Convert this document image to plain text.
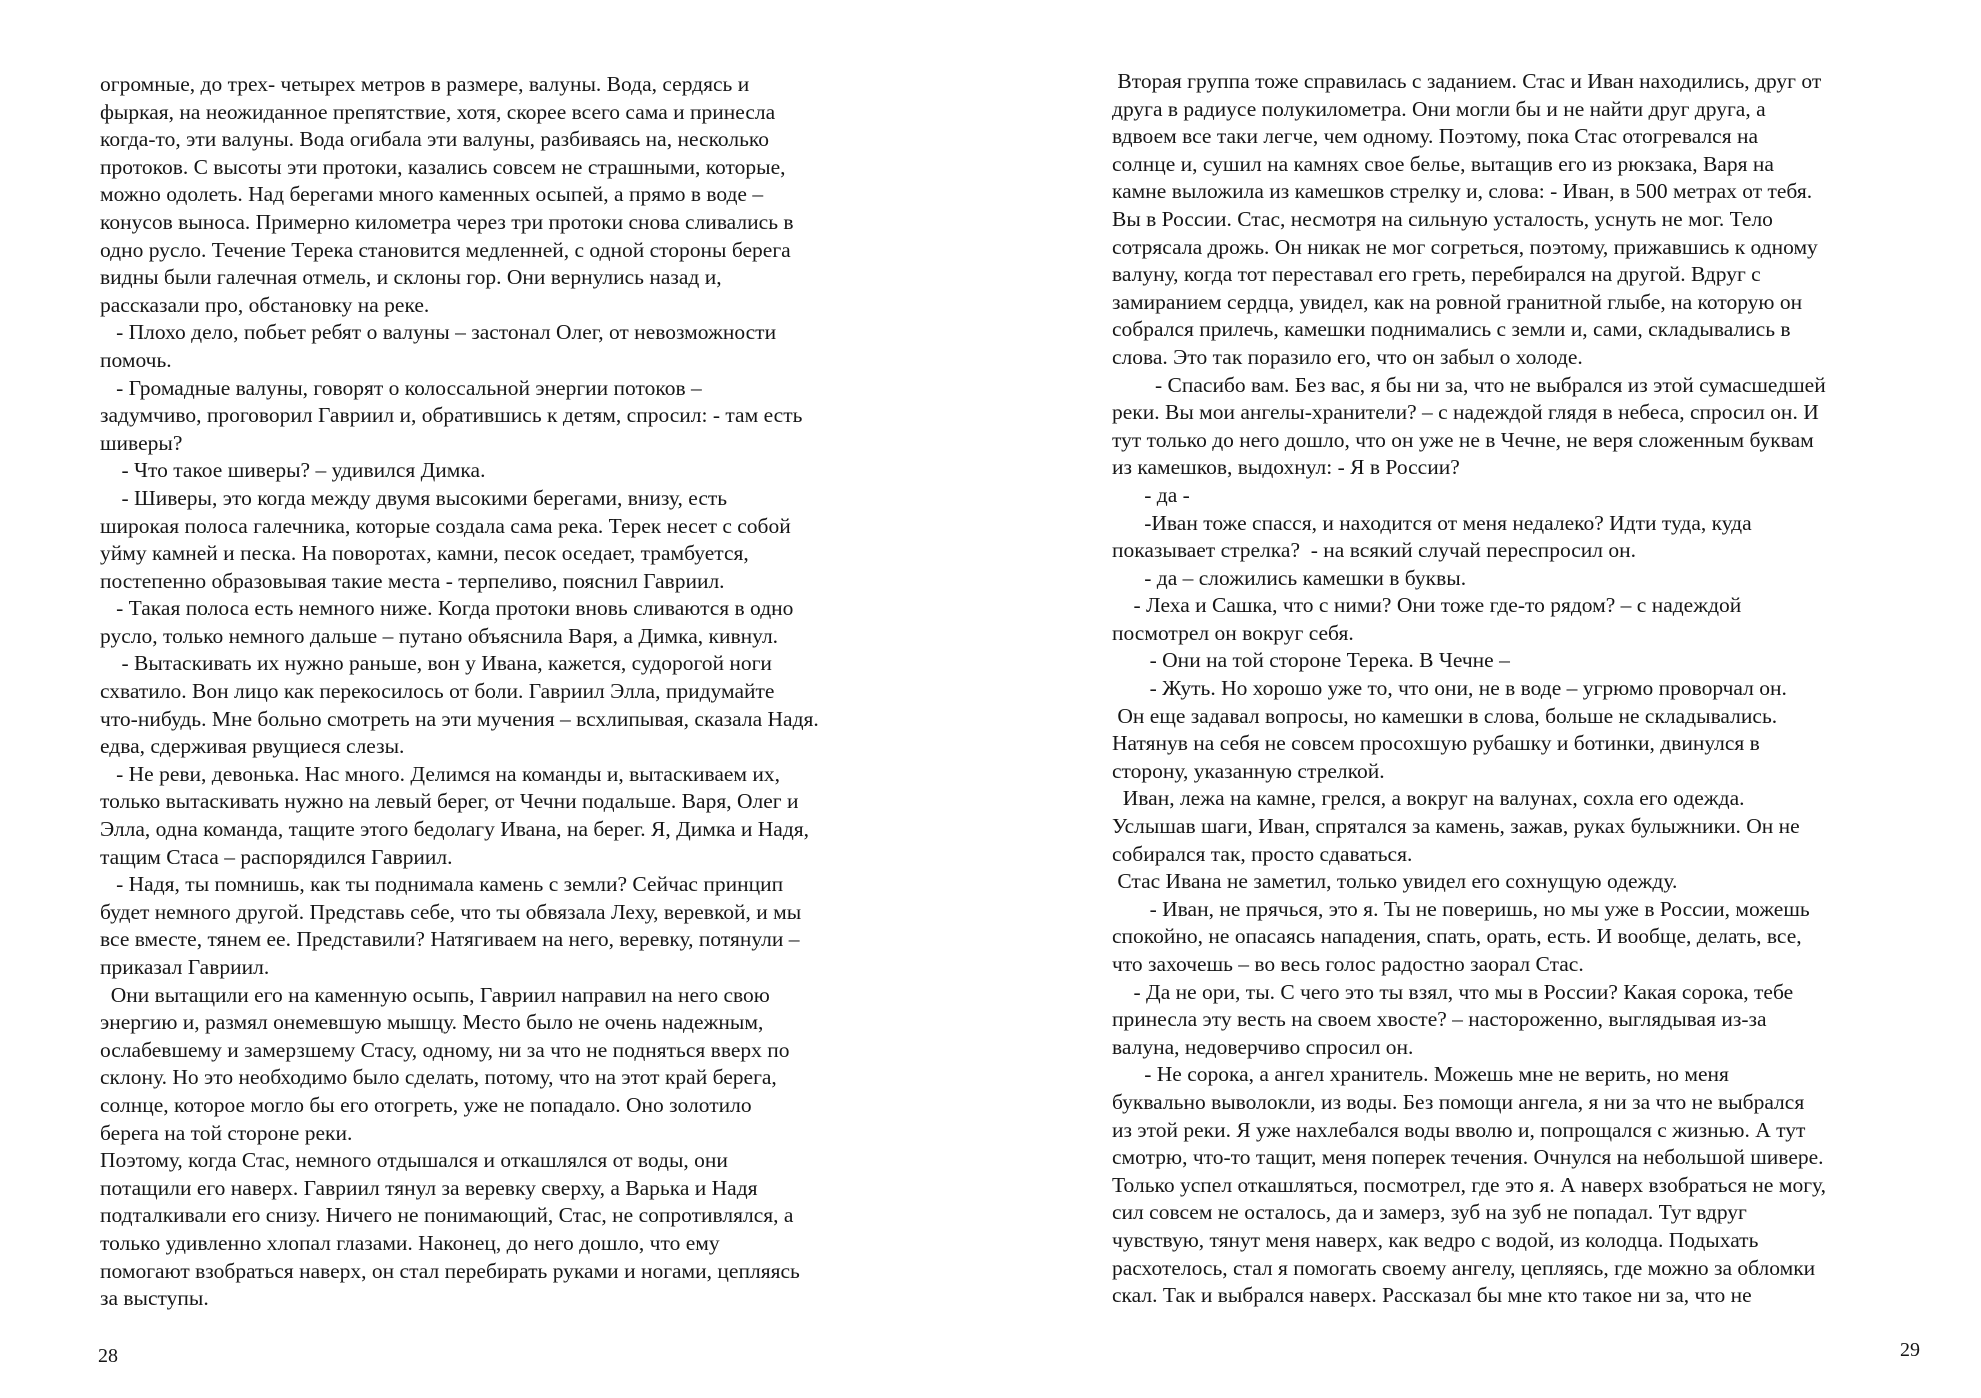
огромные, до трех- четырех метров в размере, валуны. Вода, сердясь и

фыркая, на неожиданное препятствие, хотя, скорее всего сама и принесла

когда-то, эти валуны. Вода огибала эти валуны, разбиваясь на, несколько

протоков. С высоты эти протоки, казались совсем не страшными, которые,

можно одолеть. Над берегами много каменных осыпей, а прямо в воде –

конусов выноса. Примерно километра через три протоки снова сливались в

одно русло. Течение Терека становится медленней, с одной стороны берега

видны были галечная отмель, и склоны гор. Они вернулись назад и,

рассказали про, обстановку на реке.

- Плохо дело, побьет ребят о валуны – застонал Олег, от невозможности

помочь.

- Громадные валуны, говорят о колоссальной энергии потоков –

задумчиво, проговорил Гавриил и, обратившись к детям, спросил: - там есть

шиверы?

- Что такое шиверы? – удивился Димка.

- Шиверы, это когда между двумя высокими берегами, внизу, есть

широкая полоса галечника, которые создала сама река. Терек несет с собой

уйму камней и песка. На поворотах, камни, песок оседает, трамбуется,

постепенно образовывая такие места - терпеливо, пояснил Гавриил.

- Такая полоса есть немного ниже. Когда протоки вновь сливаются в одно

русло, только немного дальше – путано объяснила Варя, а Димка, кивнул.

- Вытаскивать их нужно раньше, вон у Ивана, кажется, судорогой ноги

схватило. Вон лицо как перекосилось от боли. Гавриил Элла, придумайте

что-нибудь. Мне больно смотреть на эти мучения – всхлипывая, сказала Надя.

едва, сдерживая рвущиеся слезы.

- Не реви, девонька. Нас много. Делимся на команды и, вытаскиваем их,

только вытаскивать нужно на левый берег, от Чечни подальше. Варя, Олег и

Элла, одна команда, тащите этого бедолагу Ивана, на берег. Я, Димка и Надя,

тащим Стаса – распорядился Гавриил.

- Надя, ты помнишь, как ты поднимала камень с земли? Сейчас принцип

будет немного другой. Представь себе, что ты обвязала Леху, веревкой, и мы

все вместе, тянем ее. Представили? Натягиваем на него, веревку, потянули –

приказал Гавриил.

Они вытащили его на каменную осыпь, Гавриил направил на него свою

энергию и, размял онемевшую мышцу. Место было не очень надежным,

ослабевшему и замерзшему Стасу, одному, ни за что не подняться вверх по

склону. Но это необходимо было сделать, потому, что на этот край берега,

солнце, которое могло бы его отогреть, уже не попадало. Оно золотило

берега на той стороне реки.

Поэтому, когда Стас, немного отдышался и откашлялся от воды, они

потащили его наверх. Гавриил тянул за веревку сверху, а Варька и Надя

подталкивали его снизу. Ничего не понимающий, Стас, не сопротивлялся, а

только удивленно хлопал глазами. Наконец, до него дошло, что ему

помогают взобраться наверх, он стал перебирать руками и ногами, цепляясь

за выступы.

28

Вторая группа тоже справилась с заданием. Стас и Иван находились, друг от

друга в радиусе полукилометра. Они могли бы и не найти друг друга, а

вдвоем все таки легче, чем одному. Поэтому, пока Стас отогревался на

солнце и, сушил на камнях свое белье, вытащив его из рюкзака, Варя на

камне выложила из камешков стрелку и, слова: - Иван, в 500 метрах от тебя.

Вы в России. Стас, несмотря на сильную усталость, уснуть не мог. Тело

сотрясала дрожь. Он никак не мог согреться, поэтому, прижавшись к одному

валуну, когда тот переставал его греть, перебирался на другой. Вдруг с

замиранием сердца, увидел, как на ровной гранитной глыбе, на которую он

собрался прилечь, камешки поднимались с земли и, сами, складывались в

слова. Это так поразило его, что он забыл о холоде.

- Спасибо вам. Без вас, я бы ни за, что не выбрался из этой сумасшедшей

реки. Вы мои ангелы-хранители? – с надеждой глядя в небеса, спросил он. И

тут только до него дошло, что он уже не в Чечне, не веря сложенным буквам

из камешков, выдохнул: - Я в России?

- да -

-Иван тоже спасся, и находится от меня недалеко? Идти туда, куда

показывает стрелка?  - на всякий случай переспросил он.

- да – сложились камешки в буквы.

- Леха и Сашка, что с ними? Они тоже где-то рядом? – с надеждой

посмотрел он вокруг себя.

- Они на той стороне Терека. В Чечне –

- Жуть. Но хорошо уже то, что они, не в воде – угрюмо проворчал он.

Он еще задавал вопросы, но камешки в слова, больше не складывались.

Натянув на себя не совсем просохшую рубашку и ботинки, двинулся в

сторону, указанную стрелкой.

Иван, лежа на камне, грелся, а вокруг на валунах, сохла его одежда.

Услышав шаги, Иван, спрятался за камень, зажав, руках булыжники. Он не

собирался так, просто сдаваться.

Стас Ивана не заметил, только увидел его сохнущую одежду.

- Иван, не прячься, это я. Ты не поверишь, но мы уже в России, можешь

спокойно, не опасаясь нападения, спать, орать, есть. И вообще, делать, все,

что захочешь – во весь голос радостно заорал Стас.

- Да не ори, ты. С чего это ты взял, что мы в России? Какая сорока, тебе

принесла эту весть на своем хвосте? – настороженно, выглядывая из-за

валуна, недоверчиво спросил он.

- Не сорока, а ангел хранитель. Можешь мне не верить, но меня

буквально выволокли, из воды. Без помощи ангела, я ни за что не выбрался

из этой реки. Я уже нахлебался воды вволю и, попрощался с жизнью. А тут

смотрю, что-то тащит, меня поперек течения. Очнулся на небольшой шивере.

Только успел откашляться, посмотрел, где это я. А наверх взобраться не могу,

сил совсем не осталось, да и замерз, зуб на зуб не попадал. Тут вдруг

чувствую, тянут меня наверх, как ведро с водой, из колодца. Подыхать

расхотелось, стал я помогать своему ангелу, цепляясь, где можно за обломки

скал. Так и выбрался наверх. Рассказал бы мне кто такое ни за, что не

29
